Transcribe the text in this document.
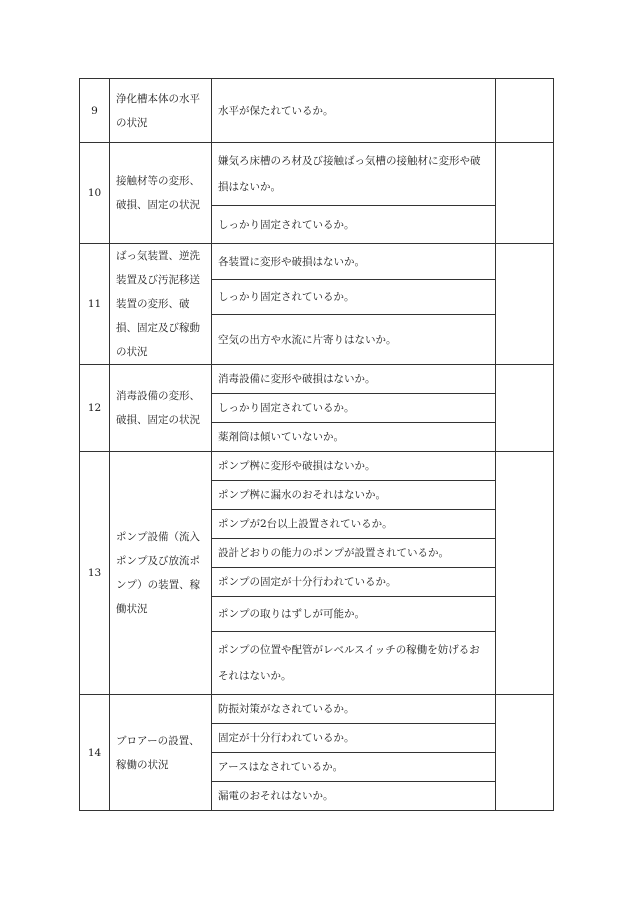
9	浄化槽本体の水平の状況	水平が保たれているか。	
10	接触材等の変形、破損、固定の状況	嫌気ろ床槽のろ材及び接触ばっ気槽の接触材に変形や破損はないか。	
		しっかり固定されているか。	
11	ばっ気装置、逆洗装置及び汚泥移送装置の変形、破損、固定及び稼動の状況	各装置に変形や破損はないか。	
		しっかり固定されているか。	
		空気の出方や水流に片寄りはないか。	
12	消毒設備の変形、破損、固定の状況	消毒設備に変形や破損はないか。	
		しっかり固定されているか。	
		薬剤筒は傾いていないか。	
13	ポンプ設備（流入ポンプ及び放流ポンプ）の装置、稼働状況	ポンプ桝に変形や破損はないか。	
		ポンプ桝に漏水のおそれはないか。	
		ポンプが2台以上設置されているか。	
		設計どおりの能力のポンプが設置されているか。	
		ポンプの固定が十分行われているか。	
		ポンプの取りはずしが可能か。	
		ポンプの位置や配管がレベルスイッチの稼働を妨げるおそれはないか。	
14	ブロアーの設置、稼働の状況	防振対策がなされているか。	
		固定が十分行われているか。	
		アースはなされているか。	
		漏電のおそれはないか。	
